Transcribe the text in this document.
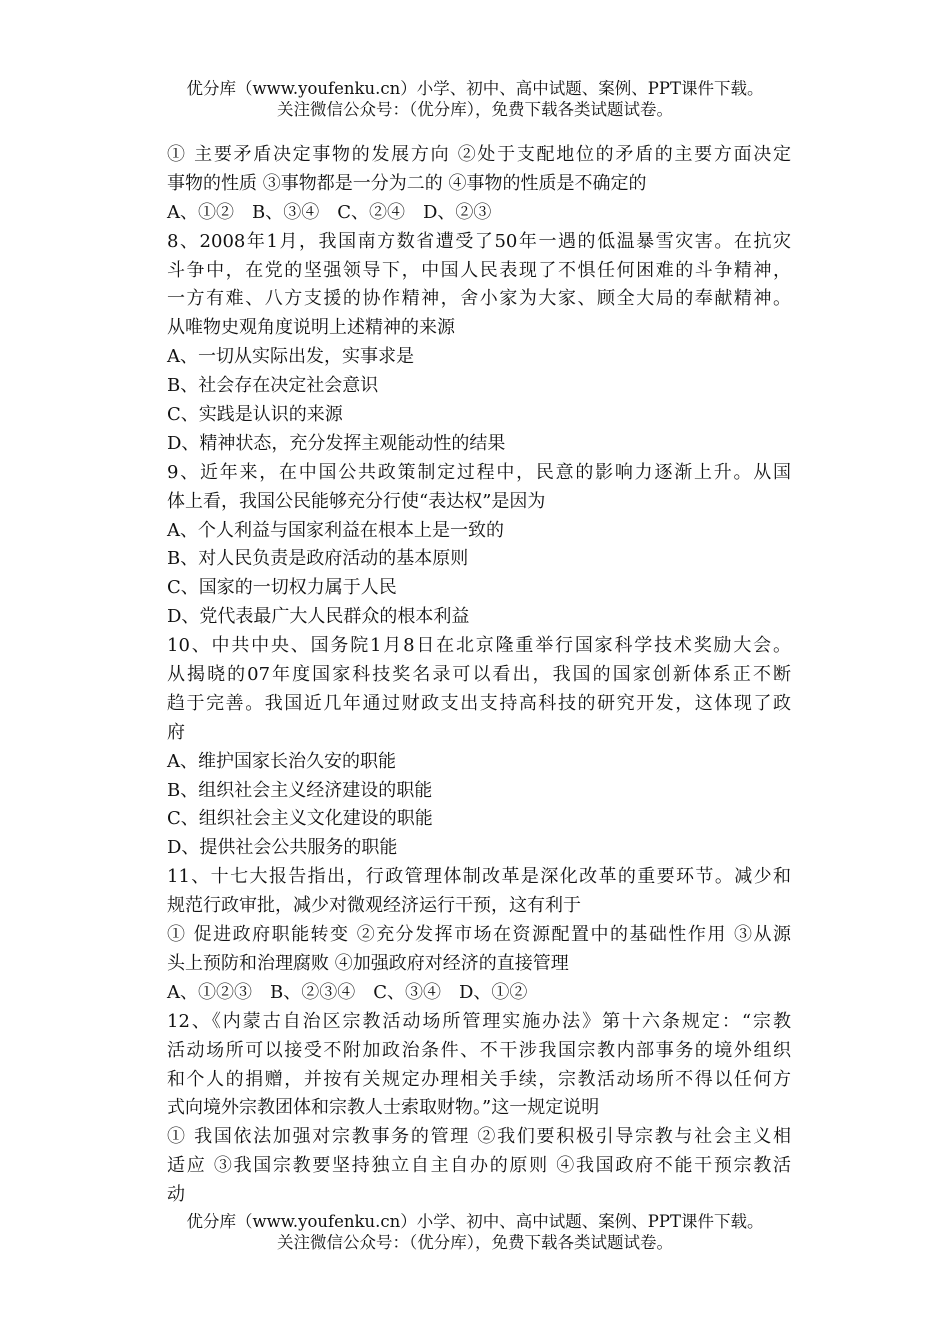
优分库（www.youfenku.cn）小学、初中、高中试题、案例、PPT课件下载。
关注微信公众号：（优分库），免费下载各类试题试卷。
① 主要矛盾决定事物的发展方向 ②处于支配地位的矛盾的主要方面决定
事物的性质 ③事物都是一分为二的 ④事物的性质是不确定的
A、①②　B、③④　C、②④　D、②③
8、2008年1月，我国南方数省遭受了50年一遇的低温暴雪灾害。在抗灾
斗争中，在党的坚强领导下，中国人民表现了不惧任何困难的斗争精神，
一方有难、八方支援的协作精神，舍小家为大家、顾全大局的奉献精神。
从唯物史观角度说明上述精神的来源
A、一切从实际出发，实事求是
B、社会存在决定社会意识
C、实践是认识的来源
D、精神状态，充分发挥主观能动性的结果
9、近年来，在中国公共政策制定过程中，民意的影响力逐渐上升。从国
体上看，我国公民能够充分行使“表达权”是因为
A、个人利益与国家利益在根本上是一致的
B、对人民负责是政府活动的基本原则
C、国家的一切权力属于人民
D、党代表最广大人民群众的根本利益
10、中共中央、国务院1月8日在北京隆重举行国家科学技术奖励大会。
从揭晓的07年度国家科技奖名录可以看出，我国的国家创新体系正不断
趋于完善。我国近几年通过财政支出支持高科技的研究开发，这体现了政
府
A、维护国家长治久安的职能
B、组织社会主义经济建设的职能
C、组织社会主义文化建设的职能
D、提供社会公共服务的职能
11、十七大报告指出，行政管理体制改革是深化改革的重要环节。减少和
规范行政审批，减少对微观经济运行干预，这有利于
① 促进政府职能转变 ②充分发挥市场在资源配置中的基础性作用 ③从源
头上预防和治理腐败 ④加强政府对经济的直接管理
A、①②③　B、②③④　C、③④　D、①②
12、《内蒙古自治区宗教活动场所管理实施办法》第十六条规定：“宗教
活动场所可以接受不附加政治条件、不干涉我国宗教内部事务的境外组织
和个人的捐赠，并按有关规定办理相关手续，宗教活动场所不得以任何方
式向境外宗教团体和宗教人士索取财物。”这一规定说明
① 我国依法加强对宗教事务的管理 ②我们要积极引导宗教与社会主义相
适应 ③我国宗教要坚持独立自主自办的原则 ④我国政府不能干预宗教活
动
优分库（www.youfenku.cn）小学、初中、高中试题、案例、PPT课件下载。
关注微信公众号：（优分库），免费下载各类试题试卷。
